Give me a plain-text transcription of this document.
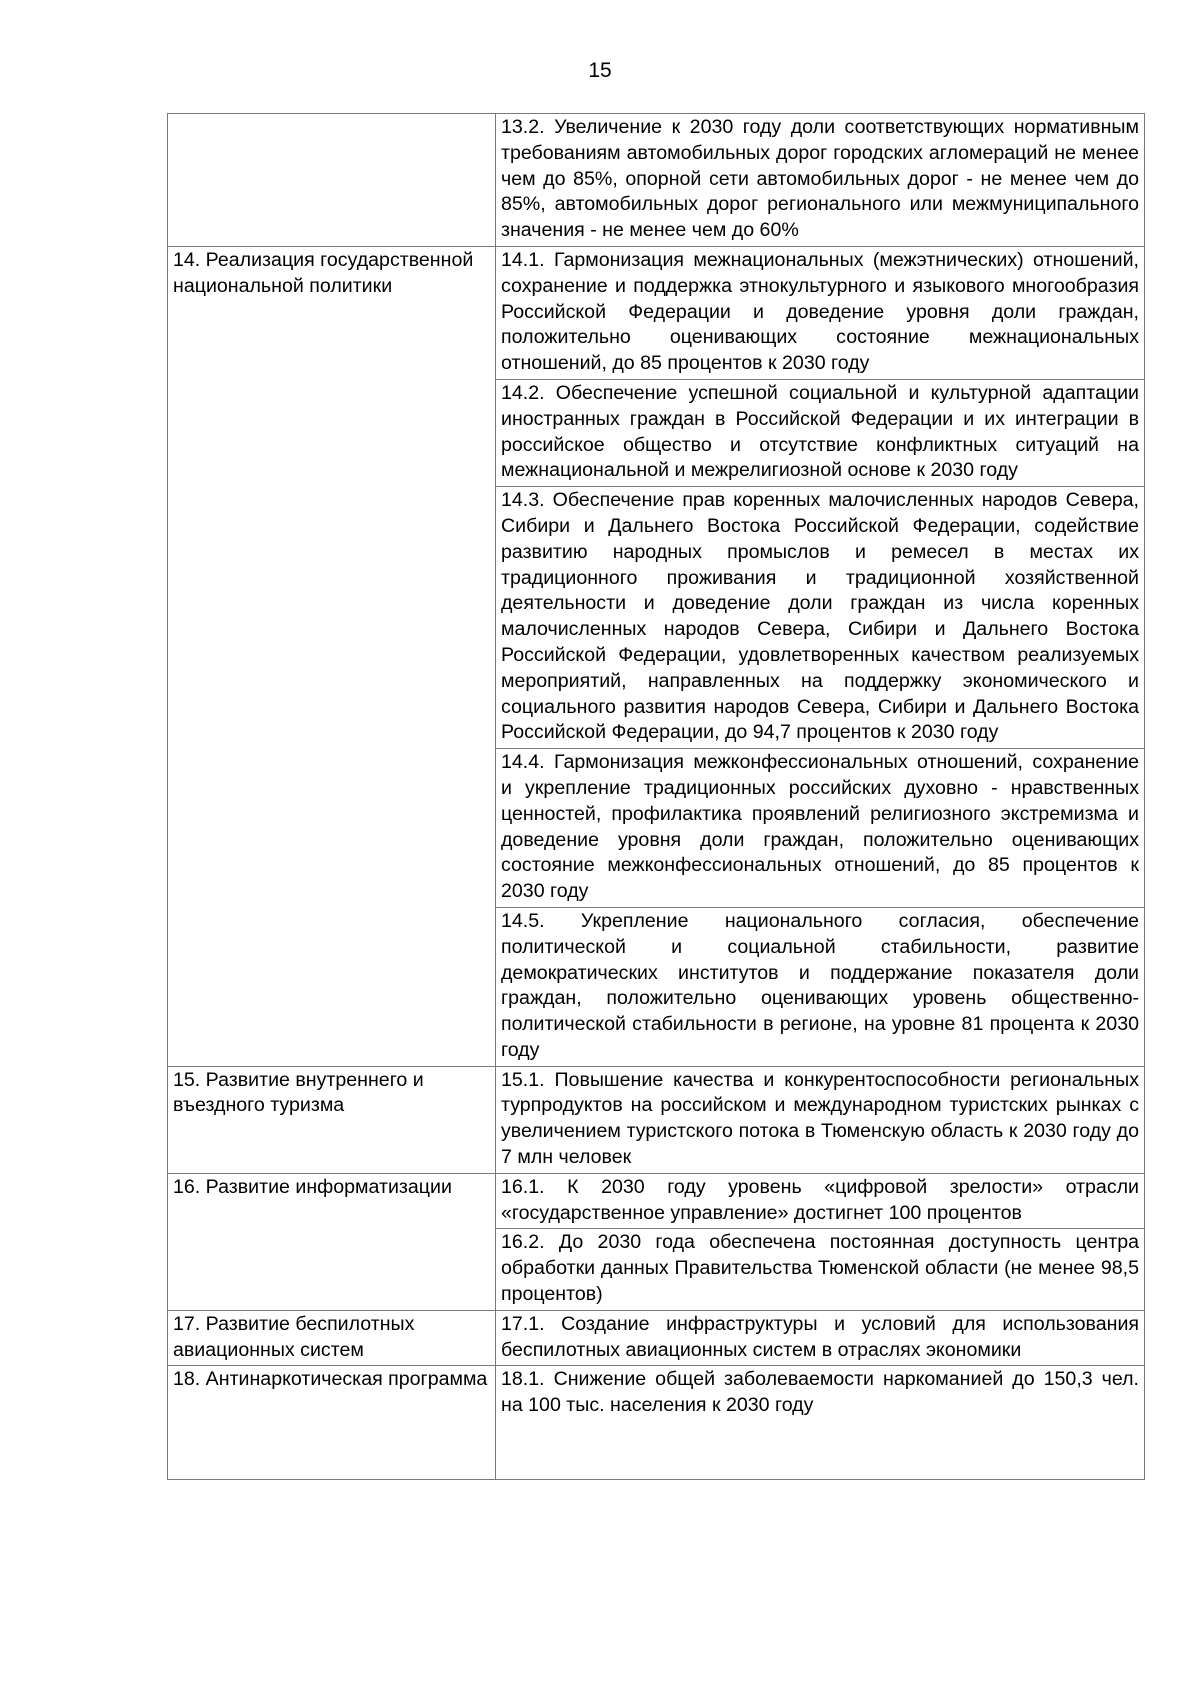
15
	13.2. Увеличение к 2030 году доли соответствующих нормативным требованиям автомобильных дорог городских агломераций не менее чем до 85%, опорной сети автомобильных дорог - не менее чем до 85%, автомобильных дорог регионального или межмуниципального значения - не менее чем до 60%
14. Реализация государственной национальной политики	14.1. Гармонизация межнациональных (межэтнических) отношений, сохранение и поддержка этнокультурного и языкового многообразия Российской Федерации и доведение уровня доли граждан, положительно оценивающих состояние межнациональных отношений, до 85 процентов к 2030 году
	14.2. Обеспечение успешной социальной и культурной адаптации иностранных граждан в Российской Федерации и их интеграции в российское общество и отсутствие конфликтных ситуаций на межнациональной и межрелигиозной основе к 2030 году
	14.3. Обеспечение прав коренных малочисленных народов Севера, Сибири и Дальнего Востока Российской Федерации, содействие развитию народных промыслов и ремесел в местах их традиционного проживания и традиционной хозяйственной деятельности и доведение доли граждан из числа коренных малочисленных народов Севера, Сибири и Дальнего Востока Российской Федерации, удовлетворенных качеством реализуемых мероприятий, направленных на поддержку экономического и социального развития народов Севера, Сибири и Дальнего Востока Российской Федерации, до 94,7 процентов к 2030 году
	14.4. Гармонизация межконфессиональных отношений, сохранение и укрепление традиционных российских духовно - нравственных ценностей, профилактика проявлений религиозного экстремизма и доведение уровня доли граждан, положительно оценивающих состояние межконфессиональных отношений, до 85 процентов к 2030 году
	14.5. Укрепление национального согласия, обеспечение политической и социальной стабильности, развитие демократических институтов и поддержание показателя доли граждан, положительно оценивающих уровень общественно-политической стабильности в регионе, на уровне 81 процента к 2030 году
15. Развитие внутреннего и въездного туризма	15.1. Повышение качества и конкурентоспособности региональных турпродуктов на российском и международном туристских рынках с увеличением туристского потока в Тюменскую область к 2030 году до 7 млн человек
16. Развитие информатизации	16.1. К 2030 году уровень «цифровой зрелости» отрасли «государственное управление» достигнет 100 процентов
	16.2. До 2030 года обеспечена постоянная доступность центра обработки данных Правительства Тюменской области (не менее 98,5 процентов)
17. Развитие беспилотных авиационных систем	17.1. Создание инфраструктуры и условий для использования беспилотных авиационных систем в отраслях экономики
18. Антинаркотическая программа	18.1. Снижение общей заболеваемости наркоманией до 150,3 чел. на 100 тыс. населения к 2030 году
